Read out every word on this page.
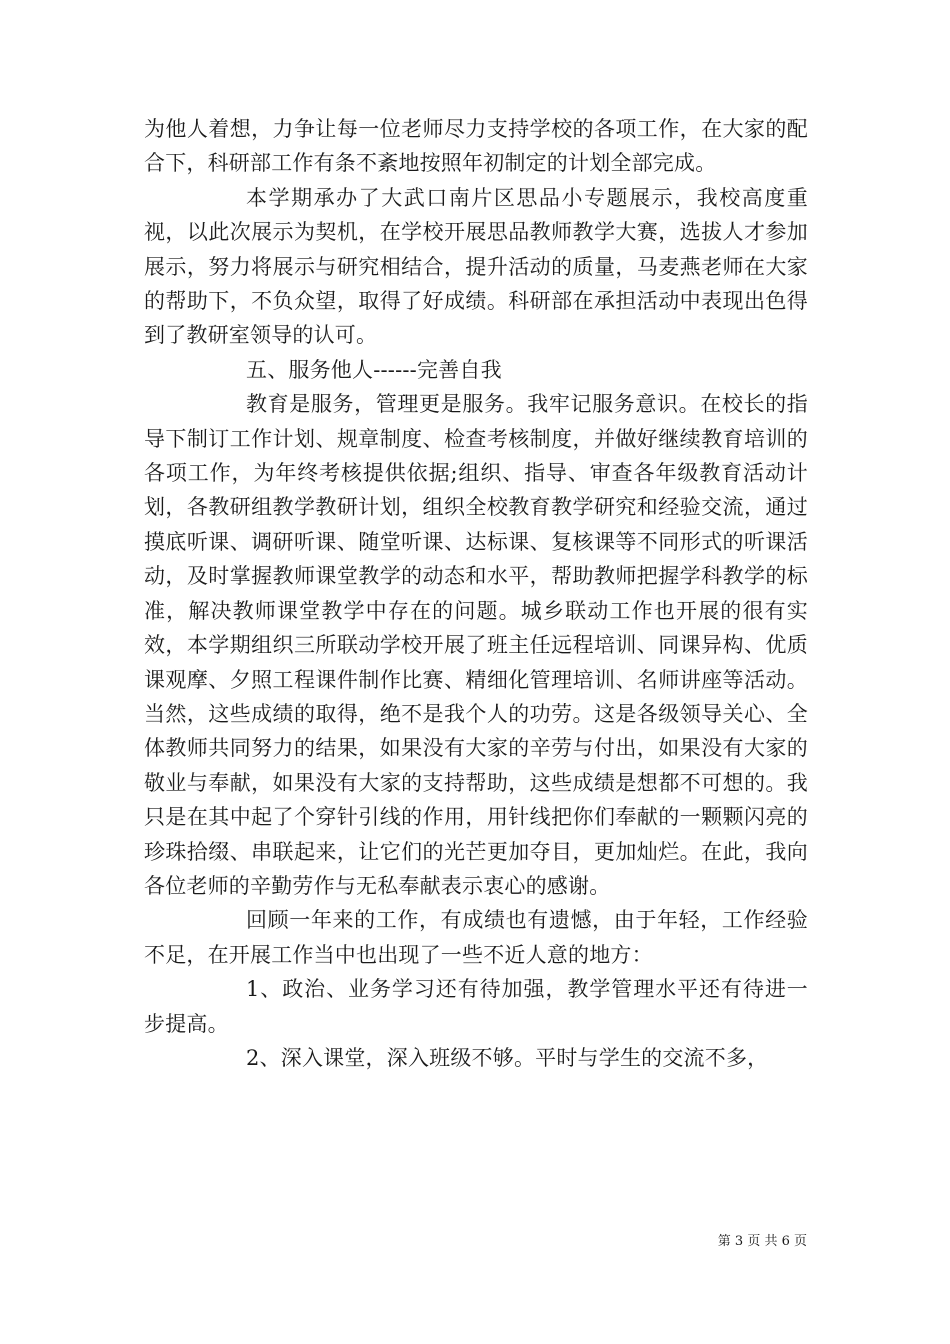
为他人着想，力争让每一位老师尽力支持学校的各项工作，在大家的配合下，科研部工作有条不紊地按照年初制定的计划全部完成。

本学期承办了大武口南片区思品小专题展示，我校高度重视，以此次展示为契机，在学校开展思品教师教学大赛，选拔人才参加展示，努力将展示与研究相结合，提升活动的质量，马麦燕老师在大家的帮助下，不负众望，取得了好成绩。科研部在承担活动中表现出色得到了教研室领导的认可。

五、服务他人------完善自我

教育是服务，管理更是服务。我牢记服务意识。在校长的指导下制订工作计划、规章制度、检查考核制度，并做好继续教育培训的各项工作，为年终考核提供依据;组织、指导、审查各年级教育活动计划，各教研组教学教研计划，组织全校教育教学研究和经验交流，通过摸底听课、调研听课、随堂听课、达标课、复核课等不同形式的听课活动，及时掌握教师课堂教学的动态和水平，帮助教师把握学科教学的标准，解决教师课堂教学中存在的问题。城乡联动工作也开展的很有实效，本学期组织三所联动学校开展了班主任远程培训、同课异构、优质课观摩、夕照工程课件制作比赛、精细化管理培训、名师讲座等活动。当然，这些成绩的取得，绝不是我个人的功劳。这是各级领导关心、全体教师共同努力的结果，如果没有大家的辛劳与付出，如果没有大家的敬业与奉献，如果没有大家的支持帮助，这些成绩是想都不可想的。我只是在其中起了个穿针引线的作用，用针线把你们奉献的一颗颗闪亮的珍珠拾缀、串联起来，让它们的光芒更加夺目，更加灿烂。在此，我向各位老师的辛勤劳作与无私奉献表示衷心的感谢。

回顾一年来的工作，有成绩也有遗憾，由于年轻，工作经验不足，在开展工作当中也出现了一些不近人意的地方：

1、政治、业务学习还有待加强，教学管理水平还有待进一步提高。

2、深入课堂，深入班级不够。平时与学生的交流不多，

第 3 页 共 6 页
